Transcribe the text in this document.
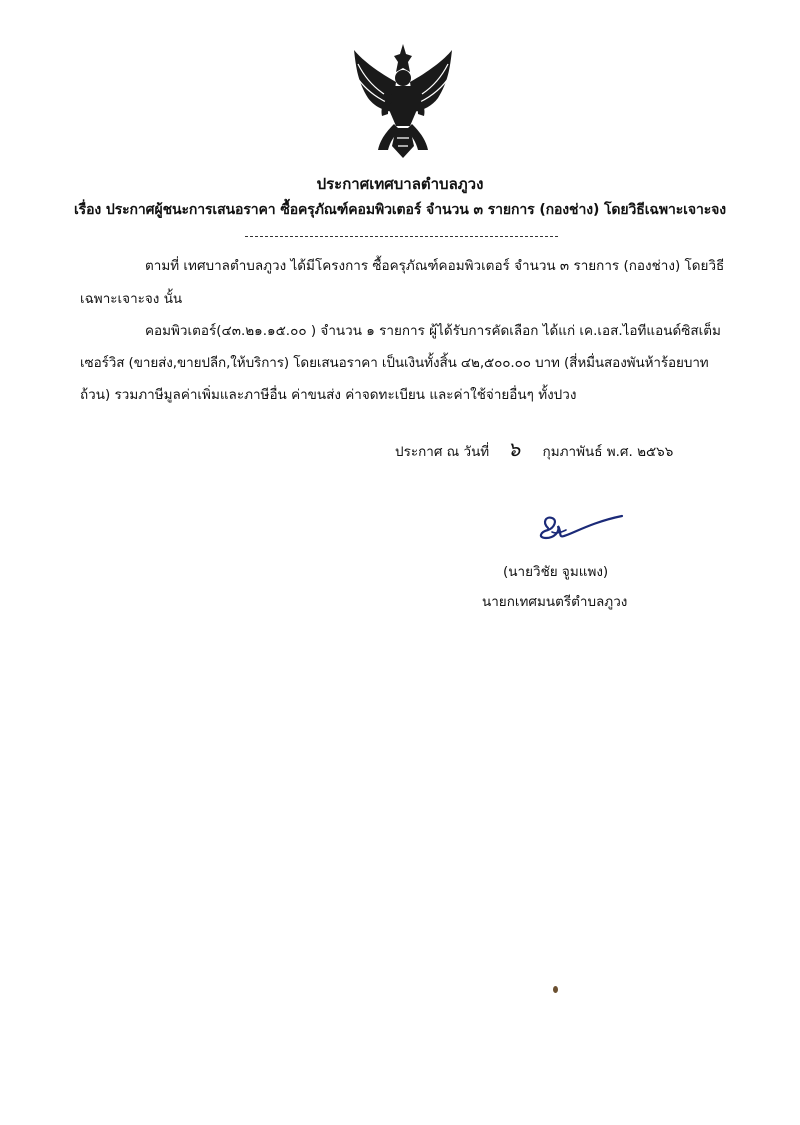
ประกาศเทศบาลตำบลภูวง
เรื่อง ประกาศผู้ชนะการเสนอราคา ซื้อครุภัณฑ์คอมพิวเตอร์ จำนวน ๓ รายการ (กองช่าง) โดยวิธีเฉพาะเจาะจง
ตามที่ เทศบาลตำบลภูวง ได้มีโครงการ ซื้อครุภัณฑ์คอมพิวเตอร์ จำนวน ๓ รายการ (กองช่าง) โดยวิธี
เฉพาะเจาะจง นั้น
คอมพิวเตอร์(๔๓.๒๑.๑๕.๐๐ ) จำนวน ๑ รายการ ผู้ได้รับการคัดเลือก ได้แก่ เค.เอส.ไอทีแอนด์ซิสเต็ม
เซอร์วิส (ขายส่ง,ขายปลีก,ให้บริการ) โดยเสนอราคา เป็นเงินทั้งสิ้น ๔๒,๕๐๐.๐๐ บาท (สี่หมื่นสองพันห้าร้อยบาท
ถ้วน) รวมภาษีมูลค่าเพิ่มและภาษีอื่น ค่าขนส่ง ค่าจดทะเบียน และค่าใช้จ่ายอื่นๆ ทั้งปวง
ประกาศ ณ วันที่ ๖ กุมภาพันธ์ พ.ศ. ๒๕๖๖
(นายวิชัย จูมแพง)
นายกเทศมนตรีตำบลภูวง
